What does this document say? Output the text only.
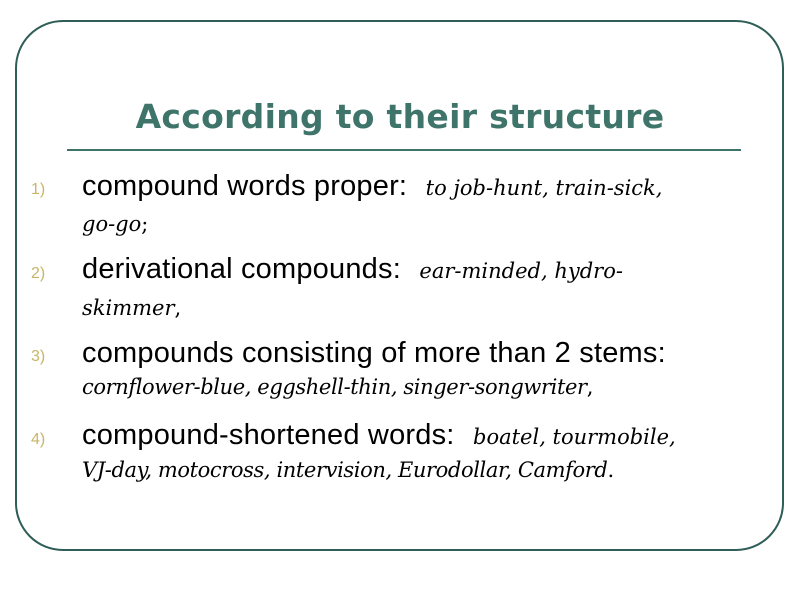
According to their structure
1) compound words proper: to job-hunt, train-sick,
go-go;
2) derivational compounds: ear-minded, hydro-
skimmer,
3) compounds consisting of more than 2 stems:
cornflower-blue, eggshell-thin, singer-songwriter,
4) compound-shortened words: boatel, tourmobile,
VJ-day, motocross, intervision, Eurodollar, Camford.
